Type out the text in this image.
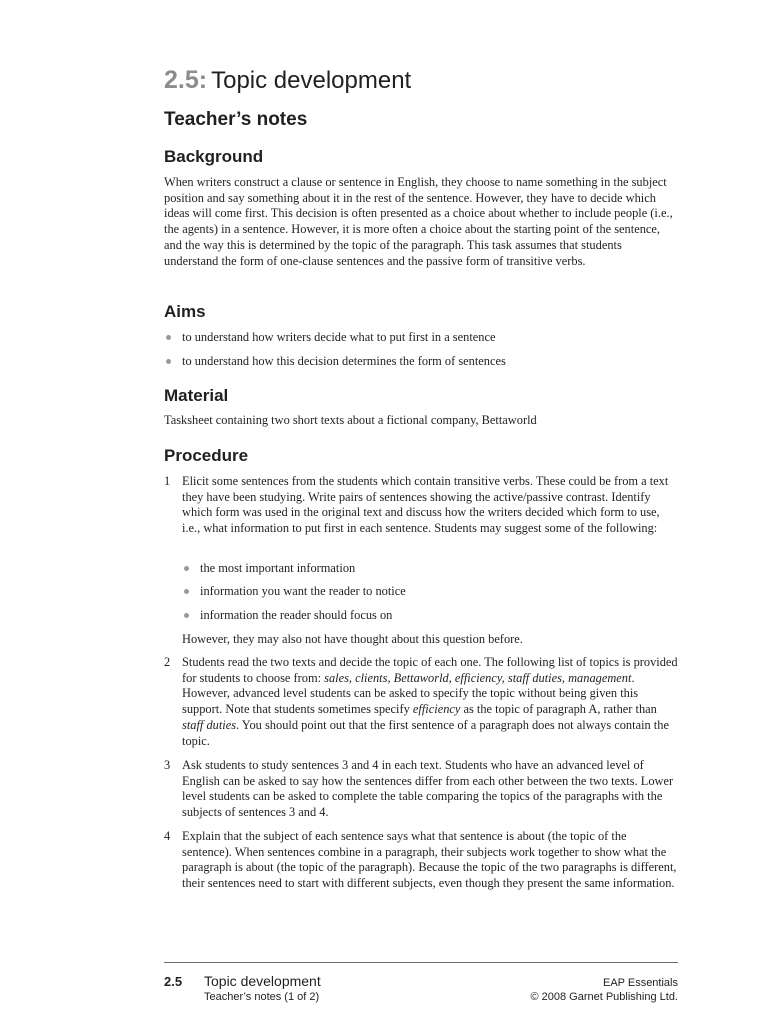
2.5: Topic development
Teacher’s notes
Background

When writers construct a clause or sentence in English, they choose to name something in the subject position and say something about it in the rest of the sentence. However, they have to decide which ideas will come first. This decision is often presented as a choice about whether to include people (i.e., the agents) in a sentence. However, it is more often a choice about the starting point of the sentence, and the way this is determined by the topic of the paragraph. This task assumes that students understand the form of one-clause sentences and the passive form of transitive verbs.

Aims
to understand how writers decide what to put first in a sentence
to understand how this decision determines the form of sentences
Material

Tasksheet containing two short texts about a fictional company, Bettaworld

Procedure
1 Elicit some sentences from the students which contain transitive verbs. These could be from a text they have been studying. Write pairs of sentences showing the active/passive contrast. Identify which form was used in the original text and discuss how the writers decided which form to use, i.e., what information to put first in each sentence. Students may suggest some of the following:

the most important information
information you want the reader to notice
information the reader should focus on
However, they may also not have thought about this question before.
2 Students read the two texts and decide the topic of each one. The following list of topics is provided for students to choose from: sales, clients, Bettaworld, efficiency, staff duties, management. However, advanced level students can be asked to specify the topic without being given this support. Note that students sometimes specify efficiency as the topic of paragraph A, rather than staff duties. You should point out that the first sentence of a paragraph does not always contain the topic.

3 Ask students to study sentences 3 and 4 in each text. Students who have an advanced level of English can be asked to say how the sentences differ from each other between the two texts. Lower level students can be asked to complete the table comparing the topics of the paragraphs with the subjects of sentences 3 and 4.

4 Explain that the subject of each sentence says what that sentence is about (the topic of the sentence). When sentences combine in a paragraph, their subjects work together to show what the paragraph is about (the topic of the paragraph). Because the topic of the two paragraphs is different, their sentences need to start with different subjects, even though they present the same information.

2.5 Topic development
Teacher’s notes (1 of 2)
EAP Essentials
© 2008 Garnet Publishing Ltd.
